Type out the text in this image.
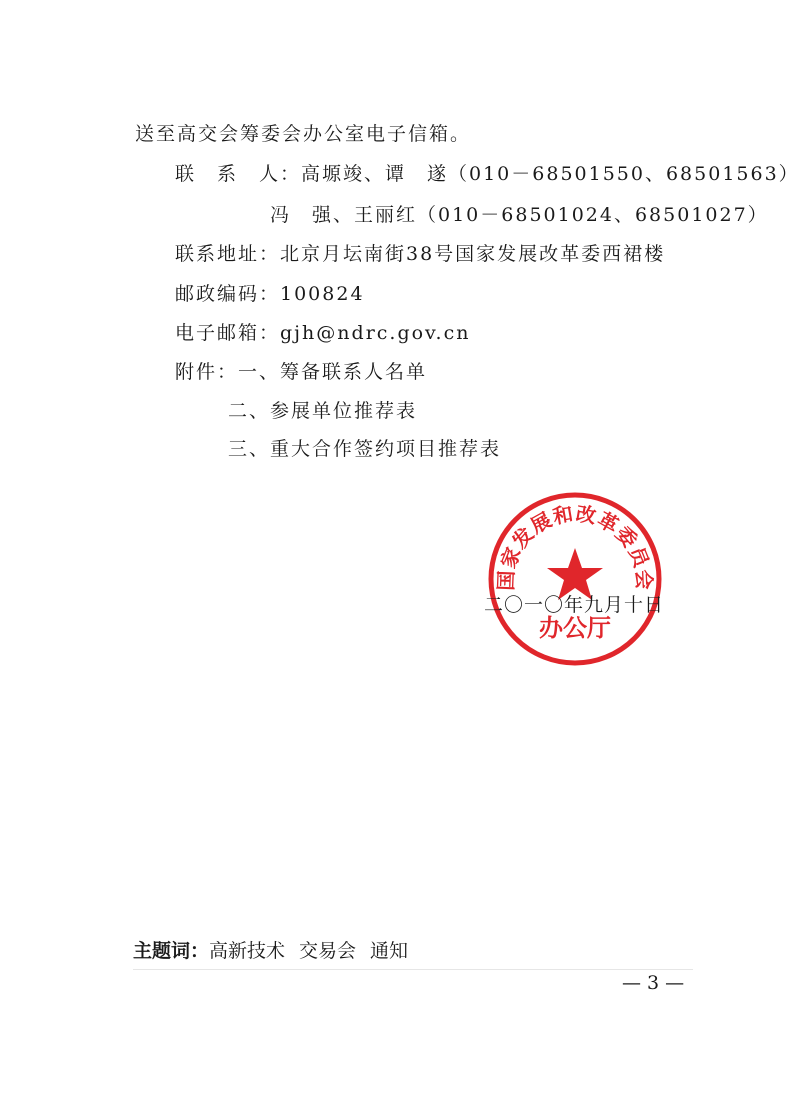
送至高交会筹委会办公室电子信箱。
联　系　人：高塬竣、谭　遂（010－68501550、68501563）
冯　强、王丽红（010－68501024、68501027）
联系地址：北京月坛南街38号国家发展改革委西裙楼
邮政编码：100824
电子邮箱：gjh@ndrc.gov.cn
附件：一、筹备联系人名单
二、参展单位推荐表
三、重大合作签约项目推荐表
国家发展和改革委员会
办公厅
二〇一〇年九月十日
主题词：高新技术 交易会 通知
— 3 —
